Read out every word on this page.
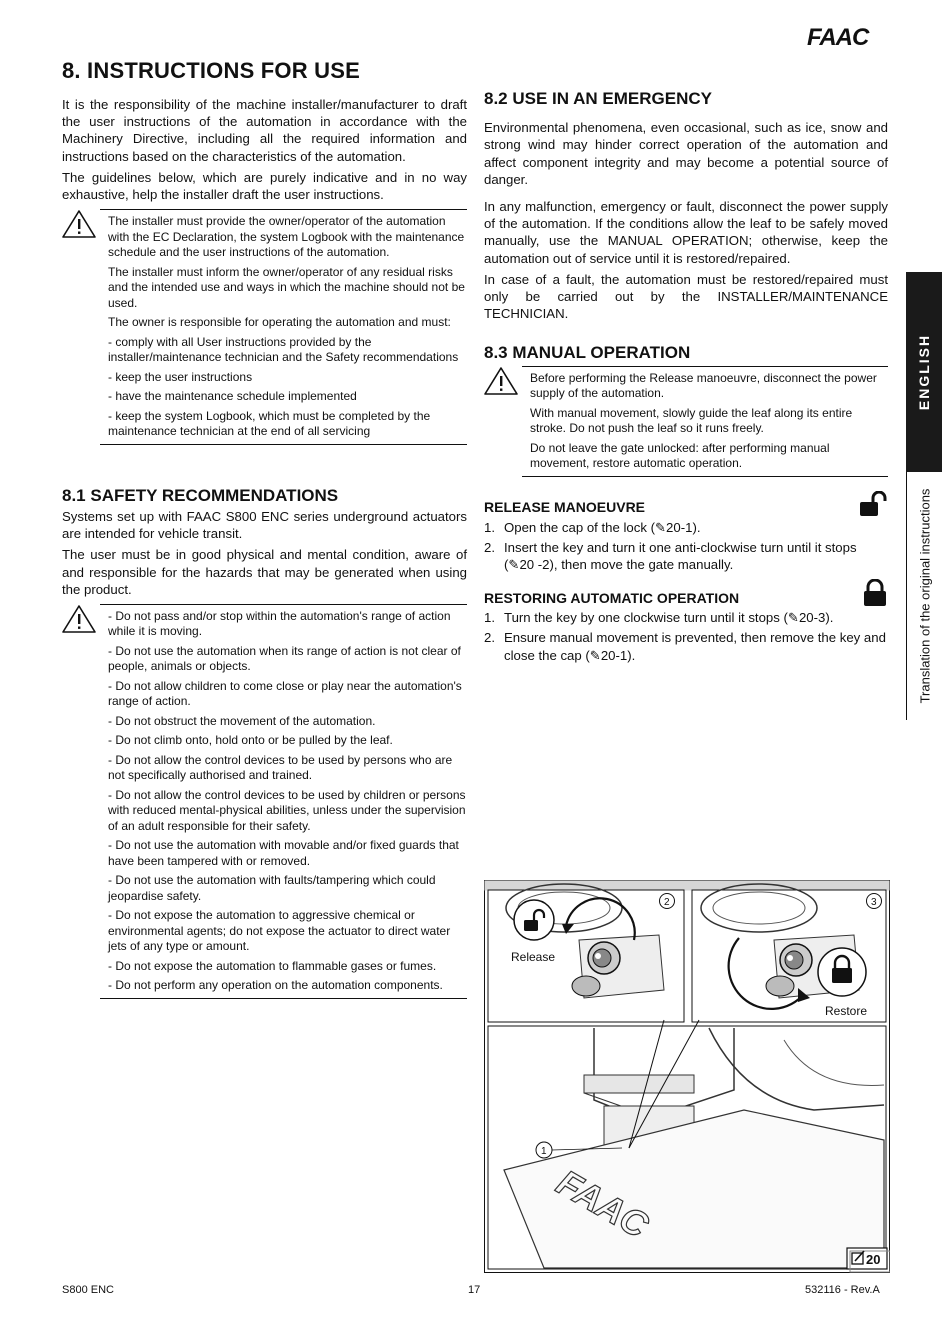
FAAC
8. INSTRUCTIONS FOR USE

It is the responsibility of the machine installer/manufacturer to draft the user instructions of the automation in accordance with the Machinery Directive, including all the required information and instructions based on the characteristics of the automation.

The guidelines below, which are purely indicative and in no way exhaustive, help the installer draft the user instructions.

The installer must provide the owner/operator of the automation with the EC Declaration, the system Logbook with the maintenance schedule and the user instructions of the automation.
The installer must inform the owner/operator of any residual risks and the intended use and ways in which the machine should not be used.
The owner is responsible for operating the automation and must:
- comply with all User instructions provided by the installer/maintenance technician and the Safety recommendations
- keep the user instructions
- have the maintenance schedule implemented
- keep the system Logbook, which must be completed by the maintenance technician at the end of all servicing
8.1 SAFETY RECOMMENDATIONS

Systems set up with FAAC S800 ENC series underground actuators are intended for vehicle transit.

The user must be in good physical and mental condition, aware of and responsible for the hazards that may be generated when using the product.

- Do not pass and/or stop within the automation's range of action while it is moving.
- Do not use the automation when its range of action is not clear of people, animals or objects.
- Do not allow children to come close or play near the automation's range of action.
- Do not obstruct the movement of the automation.
- Do not climb onto, hold onto or be pulled by the leaf.
- Do not allow the control devices to be used by persons who are not specifically authorised and trained.
- Do not allow the control devices to be used by children or persons with reduced mental-physical abilities, unless under the supervision of an adult responsible for their safety.
- Do not use the automation with movable and/or fixed guards that have been tampered with or removed.
- Do not use the automation with faults/tampering which could jeopardise safety.
- Do not expose the automation to aggressive chemical or environmental agents; do not expose the actuator to direct water jets of any type or amount.
- Do not expose the automation to flammable gases or fumes.
- Do not perform any operation on the automation components.
8.2 USE IN AN EMERGENCY

Environmental phenomena, even occasional, such as ice, snow and strong wind may hinder correct operation of the automation and affect component integrity and may become a potential source of danger.

In any malfunction, emergency or fault, disconnect the power supply of the automation. If the conditions allow the leaf to be safely moved manually, use the MANUAL OPERATION; otherwise, keep the automation out of service until it is restored/repaired.

In case of a fault, the automation must be restored/repaired must only be carried out by the INSTALLER/MAINTENANCE TECHNICIAN.

8.3 MANUAL OPERATION
Before performing the Release manoeuvre, disconnect the power supply of the automation.
With manual movement, slowly guide the leaf along its entire stroke. Do not push the leaf so it runs freely.
Do not leave the gate unlocked: after performing manual movement, restore automatic operation.
RELEASE MANOEUVRE
1. Open the cap of the lock (✎20-1).
2. Insert the key and turn it one anti-clockwise turn until it stops (✎20 -2), then move the gate manually.
RESTORING AUTOMATIC OPERATION
1. Turn the key by one clockwise turn until it stops (✎20-3).
2. Ensure manual movement is prevented, then remove the key and close the cap (✎20-1).
ENGLISH
Translation of the original instructions
Release
2
Restore
3
FAAC
1
20
S800 ENC	17	532116 - Rev.A
